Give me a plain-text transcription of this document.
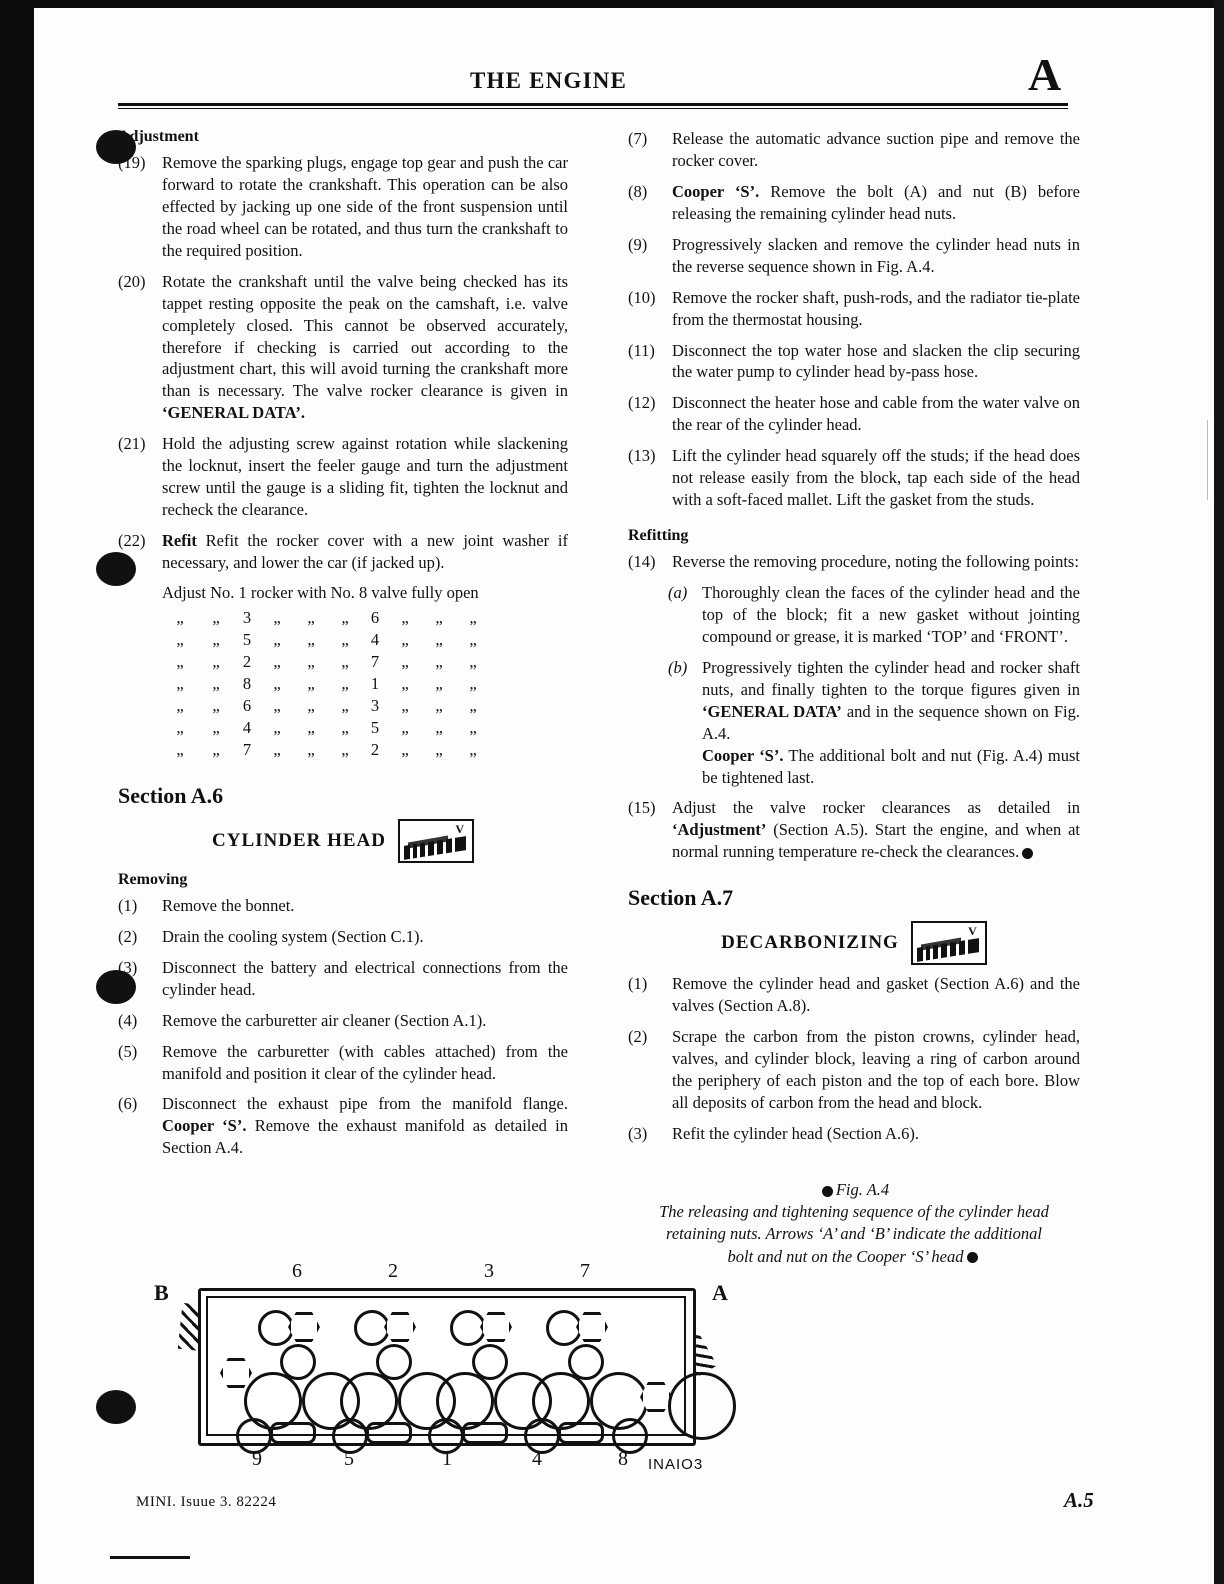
THE ENGINE	A
Adjustment
(19)	Remove the sparking plugs, engage top gear and push the car forward to rotate the crankshaft. This operation can be also effected by jacking up one side of the front suspension until the road wheel can be rotated, and thus turn the crankshaft to the required position.
(20)	Rotate the crankshaft until the valve being checked has its tappet resting opposite the peak on the camshaft, i.e. valve completely closed. This cannot be observed accurately, therefore if checking is carried out according to the adjustment chart, this will avoid turning the crankshaft more than is necessary. The valve rocker clearance is given in ‘GENERAL DATA’.
(21)	Hold the adjusting screw against rotation while slackening the locknut, insert the feeler gauge and turn the adjustment screw until the gauge is a sliding fit, tighten the locknut and recheck the clearance.
(22)	Refit Refit the rocker cover with a new joint washer if necessary, and lower the car (if jacked up).
Adjust No. 1 rocker with No. 8 valve fully open
„	„	3	„	„	„	6	„	„	„
„	„	5	„	„	„	4	„	„	„
„	„	2	„	„	„	7	„	„	„
„	„	8	„	„	„	1	„	„	„
„	„	6	„	„	„	3	„	„	„
„	„	4	„	„	„	5	„	„	„
„	„	7	„	„	„	2	„	„	„
Section A.6
CYLINDER HEAD
V
Removing
(1)	Remove the bonnet.
(2)	Drain the cooling system (Section C.1).
(3)	Disconnect the battery and electrical connections from the cylinder head.
(4)	Remove the carburetter air cleaner (Section A.1).
(5)	Remove the carburetter (with cables attached) from the manifold and position it clear of the cylinder head.
(6)	Disconnect the exhaust pipe from the manifold flange. Cooper ‘S’. Remove the exhaust manifold as detailed in Section A.4.
(7)	Release the automatic advance suction pipe and remove the rocker cover.
(8)	Cooper ‘S’. Remove the bolt (A) and nut (B) before releasing the remaining cylinder head nuts.
(9)	Progressively slacken and remove the cylinder head nuts in the reverse sequence shown in Fig. A.4.
(10)	Remove the rocker shaft, push-rods, and the radiator tie-plate from the thermostat housing.
(11)	Disconnect the top water hose and slacken the clip securing the water pump to cylinder head by-pass hose.
(12)	Disconnect the heater hose and cable from the water valve on the rear of the cylinder head.
(13)	Lift the cylinder head squarely off the studs; if the head does not release easily from the block, tap each side of the head with a soft-faced mallet. Lift the gasket from the studs.
Refitting
(14)	Reverse the removing procedure, noting the following points:
(a) Thoroughly clean the faces of the cylinder head and the top of the block; fit a new gasket without jointing compound or grease, it is marked ‘TOP’ and ‘FRONT’.
(b) Progressively tighten the cylinder head and rocker shaft nuts, and finally tighten to the torque figures given in ‘GENERAL DATA’ and in the sequence shown on Fig. A.4.
Cooper ‘S’. The additional bolt and nut (Fig. A.4) must be tightened last.
(15)	Adjust the valve rocker clearances as detailed in ‘Adjustment’ (Section A.5). Start the engine, and when at normal running temperature re-check the clearances.
Section A.7
DECARBONIZING
V
(1)	Remove the cylinder head and gasket (Section A.6) and the valves (Section A.8).
(2)	Scrape the carbon from the piston crowns, cylinder head, valves, and cylinder block, leaving a ring of carbon around the periphery of each piston and the top of each bore. Blow all deposits of carbon from the head and block.
(3)	Refit the cylinder head (Section A.6).
Fig. A.4
The releasing and tightening sequence of the cylinder head retaining nuts. Arrows ‘A’ and ‘B’ indicate the additional bolt and nut on the Cooper ‘S’ head
6	2	3	7
B	A
9	5	1	4	8 INAIO3
MINI. Isuue 3. 82224	A.5
